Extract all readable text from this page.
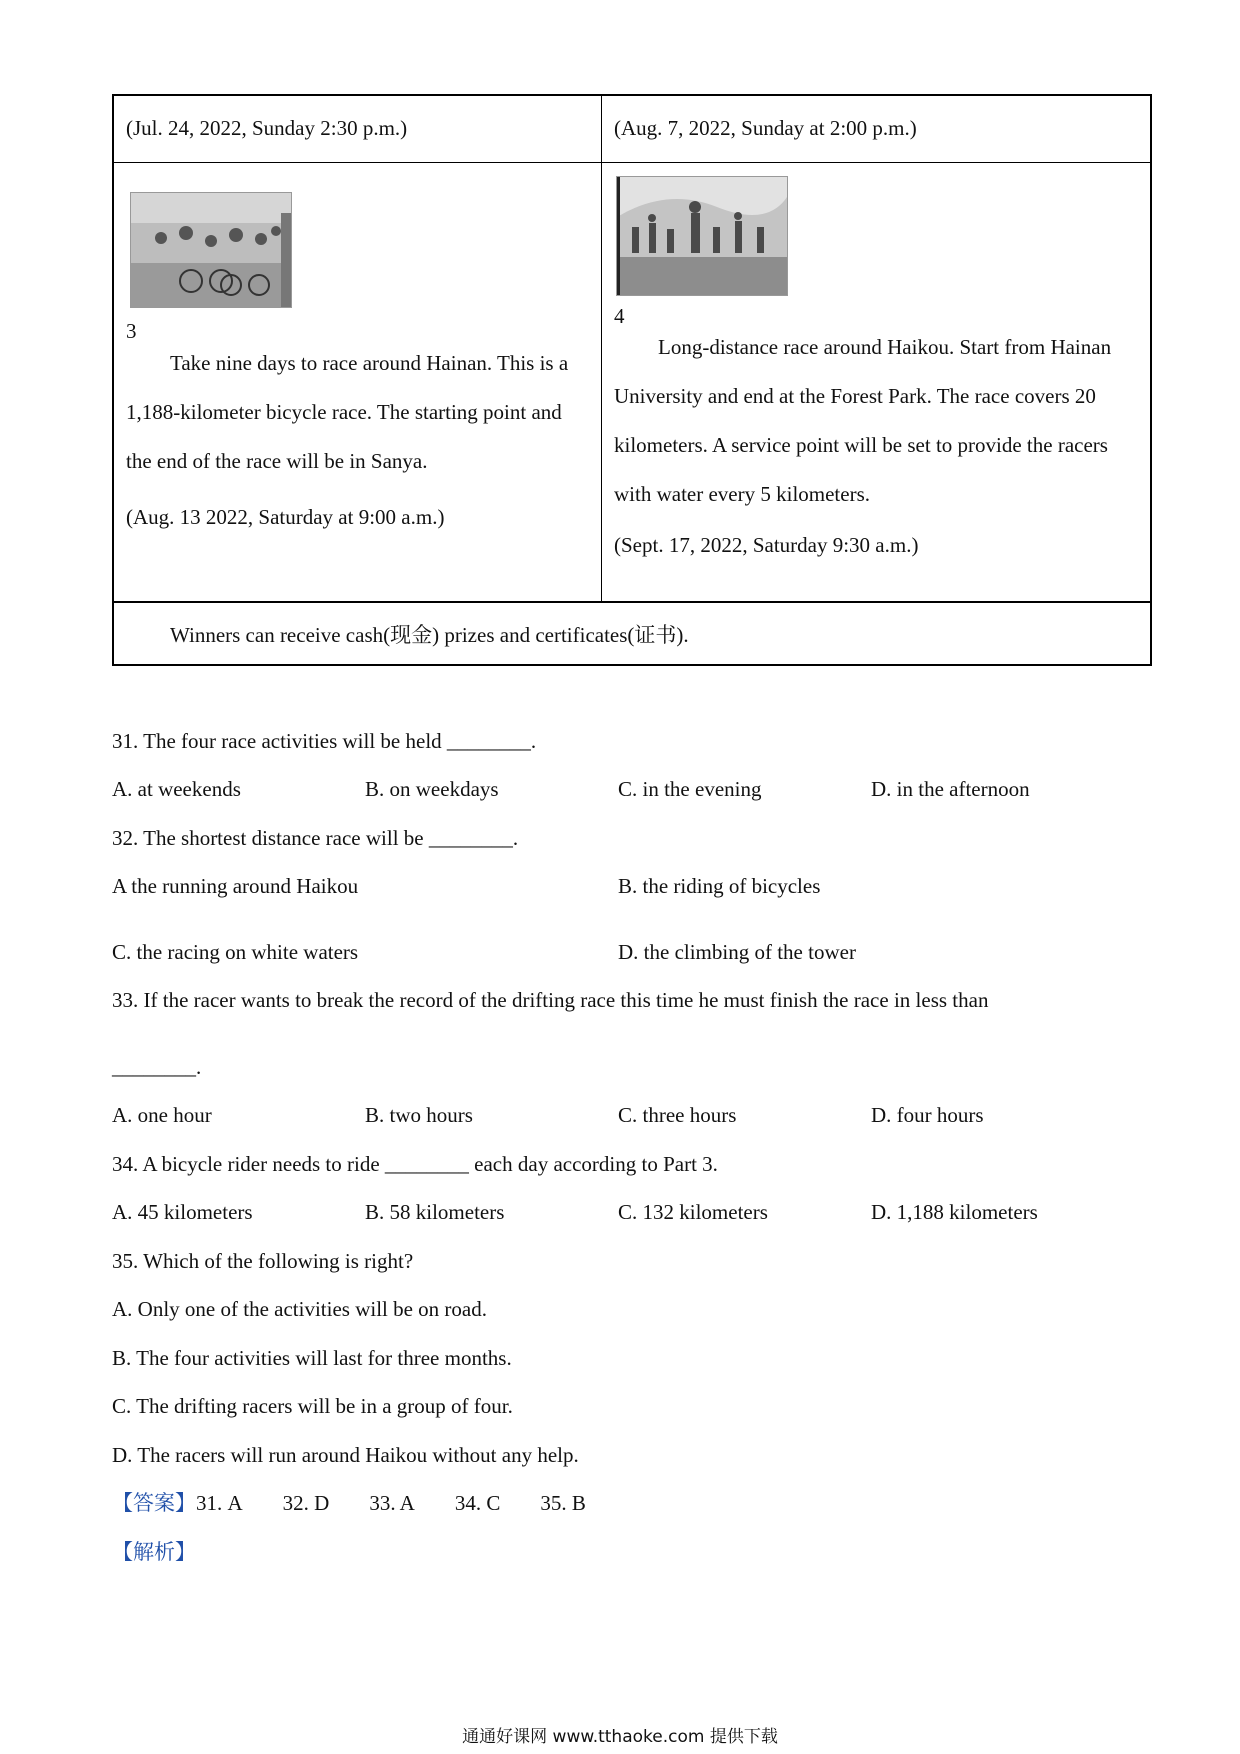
(Jul. 24, 2022, Sunday 2:30 p.m.)	(Aug. 7, 2022, Sunday at 2:00 p.m.)
3
Take nine days to race around Hainan. This is a 1,188-kilometer bicycle race. The starting point and the end of the race will be in Sanya.
(Aug. 13 2022, Saturday at 9:00 a.m.)
4
Long-distance race around Haikou. Start from Hainan University and end at the Forest Park. The race covers 20 kilometers. A service point will be set to provide the racers with water every 5 kilometers.
(Sept. 17, 2022, Saturday 9:30 a.m.)
Winners can receive cash(现金) prizes and certificates(证书).
31. The four race activities will be held ________.
A. at weekends	B. on weekdays	C. in the evening	D. in the afternoon
32. The shortest distance race will be ________.
A the running around Haikou	B. the riding of bicycles
C. the racing on white waters	D. the climbing of the tower
33. If the racer wants to break the record of the drifting race this time he must finish the race in less than
________.
A. one hour	B. two hours	C. three hours	D. four hours
34. A bicycle rider needs to ride ________ each day according to Part 3.
A. 45 kilometers	B. 58 kilometers	C. 132 kilometers	D. 1,188 kilometers
35. Which of the following is right?
A. Only one of the activities will be on road.
B. The four activities will last for three months.
C. The drifting racers will be in a group of four.
D. The racers will run around Haikou without any help.
【答案】31. A 32. D 33. A 34. C 35. B
【解析】
通通好课网 www.tthaoke.com 提供下载
